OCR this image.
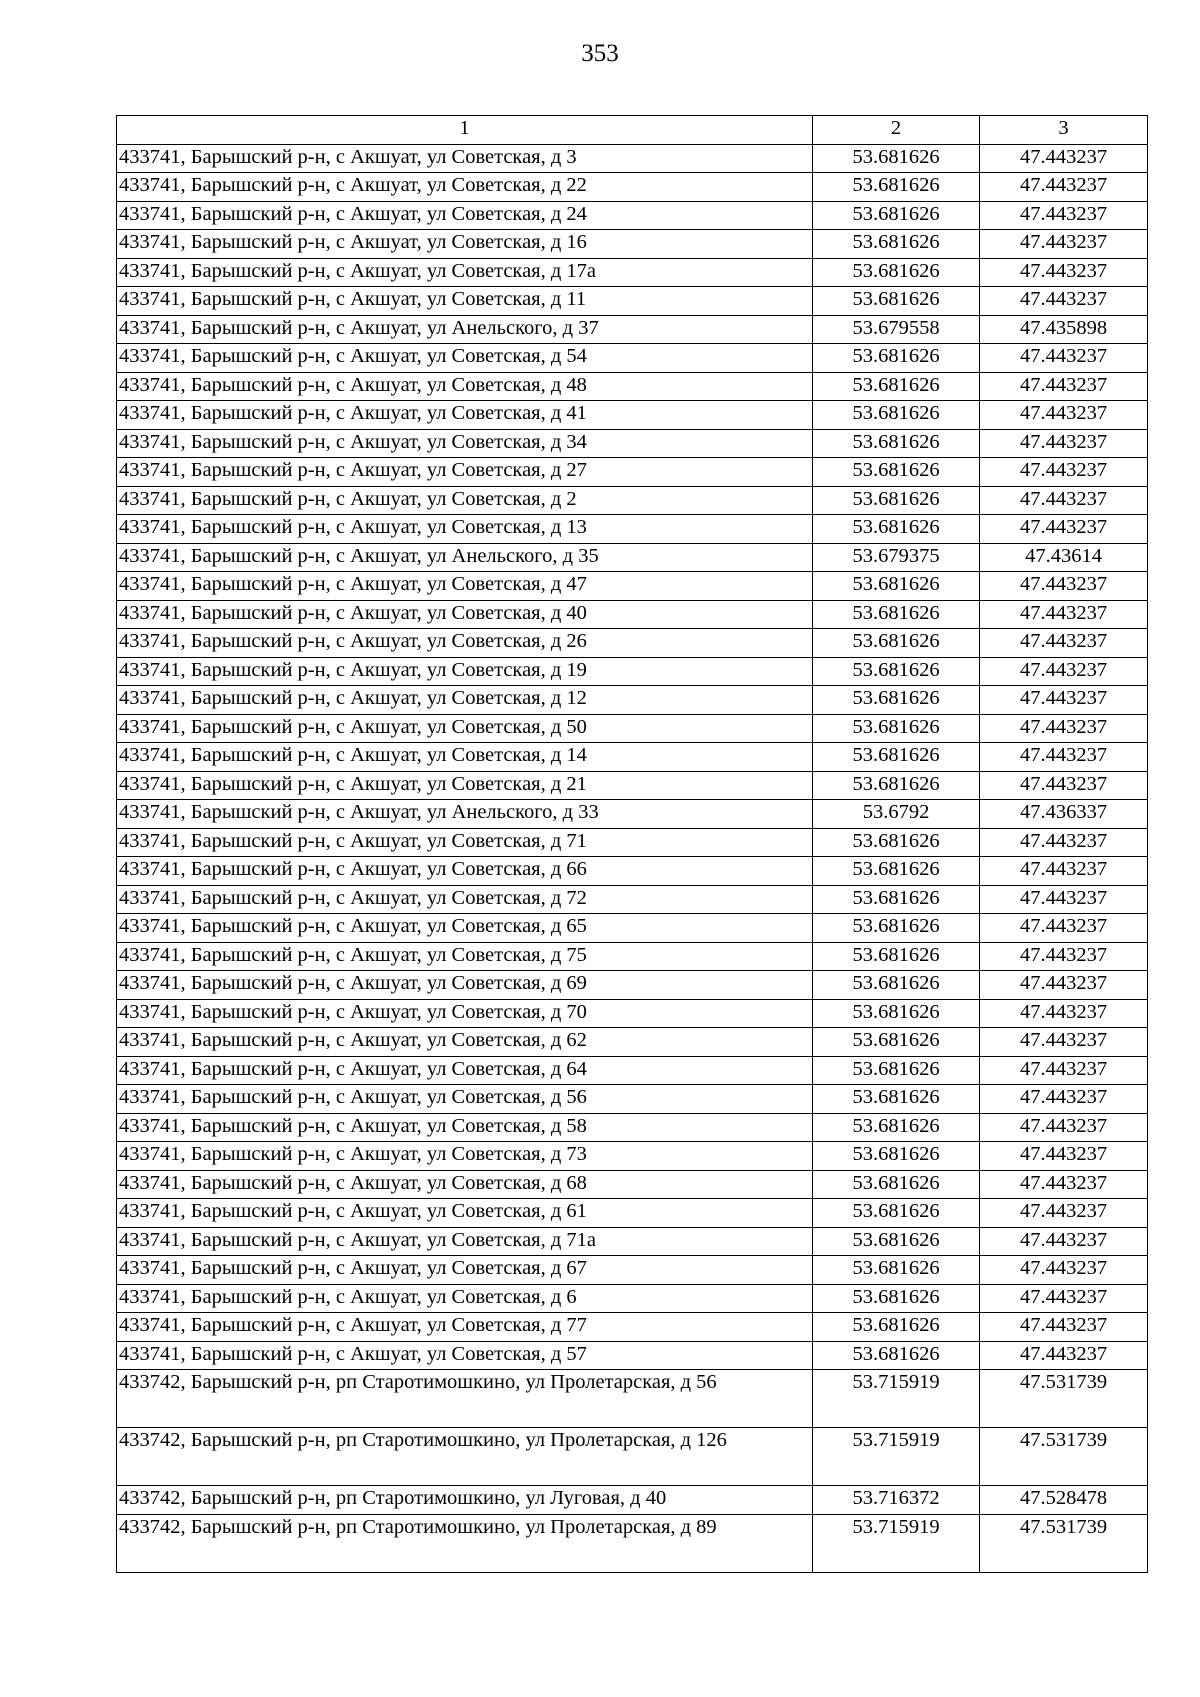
353
1	2	3
433741, Барышский р-н, с Акшуат, ул Советская, д 3	53.681626	47.443237
433741, Барышский р-н, с Акшуат, ул Советская, д 22	53.681626	47.443237
433741, Барышский р-н, с Акшуат, ул Советская, д 24	53.681626	47.443237
433741, Барышский р-н, с Акшуат, ул Советская, д 16	53.681626	47.443237
433741, Барышский р-н, с Акшуат, ул Советская, д 17а	53.681626	47.443237
433741, Барышский р-н, с Акшуат, ул Советская, д 11	53.681626	47.443237
433741, Барышский р-н, с Акшуат, ул Анельского, д 37	53.679558	47.435898
433741, Барышский р-н, с Акшуат, ул Советская, д 54	53.681626	47.443237
433741, Барышский р-н, с Акшуат, ул Советская, д 48	53.681626	47.443237
433741, Барышский р-н, с Акшуат, ул Советская, д 41	53.681626	47.443237
433741, Барышский р-н, с Акшуат, ул Советская, д 34	53.681626	47.443237
433741, Барышский р-н, с Акшуат, ул Советская, д 27	53.681626	47.443237
433741, Барышский р-н, с Акшуат, ул Советская, д 2	53.681626	47.443237
433741, Барышский р-н, с Акшуат, ул Советская, д 13	53.681626	47.443237
433741, Барышский р-н, с Акшуат, ул Анельского, д 35	53.679375	47.43614
433741, Барышский р-н, с Акшуат, ул Советская, д 47	53.681626	47.443237
433741, Барышский р-н, с Акшуат, ул Советская, д 40	53.681626	47.443237
433741, Барышский р-н, с Акшуат, ул Советская, д 26	53.681626	47.443237
433741, Барышский р-н, с Акшуат, ул Советская, д 19	53.681626	47.443237
433741, Барышский р-н, с Акшуат, ул Советская, д 12	53.681626	47.443237
433741, Барышский р-н, с Акшуат, ул Советская, д 50	53.681626	47.443237
433741, Барышский р-н, с Акшуат, ул Советская, д 14	53.681626	47.443237
433741, Барышский р-н, с Акшуат, ул Советская, д 21	53.681626	47.443237
433741, Барышский р-н, с Акшуат, ул Анельского, д 33	53.6792	47.436337
433741, Барышский р-н, с Акшуат, ул Советская, д 71	53.681626	47.443237
433741, Барышский р-н, с Акшуат, ул Советская, д 66	53.681626	47.443237
433741, Барышский р-н, с Акшуат, ул Советская, д 72	53.681626	47.443237
433741, Барышский р-н, с Акшуат, ул Советская, д 65	53.681626	47.443237
433741, Барышский р-н, с Акшуат, ул Советская, д 75	53.681626	47.443237
433741, Барышский р-н, с Акшуат, ул Советская, д 69	53.681626	47.443237
433741, Барышский р-н, с Акшуат, ул Советская, д 70	53.681626	47.443237
433741, Барышский р-н, с Акшуат, ул Советская, д 62	53.681626	47.443237
433741, Барышский р-н, с Акшуат, ул Советская, д 64	53.681626	47.443237
433741, Барышский р-н, с Акшуат, ул Советская, д 56	53.681626	47.443237
433741, Барышский р-н, с Акшуат, ул Советская, д 58	53.681626	47.443237
433741, Барышский р-н, с Акшуат, ул Советская, д 73	53.681626	47.443237
433741, Барышский р-н, с Акшуат, ул Советская, д 68	53.681626	47.443237
433741, Барышский р-н, с Акшуат, ул Советская, д 61	53.681626	47.443237
433741, Барышский р-н, с Акшуат, ул Советская, д 71а	53.681626	47.443237
433741, Барышский р-н, с Акшуат, ул Советская, д 67	53.681626	47.443237
433741, Барышский р-н, с Акшуат, ул Советская, д 6	53.681626	47.443237
433741, Барышский р-н, с Акшуат, ул Советская, д 77	53.681626	47.443237
433741, Барышский р-н, с Акшуат, ул Советская, д 57	53.681626	47.443237
433742, Барышский р-н, рп Старотимошкино, ул Пролетарская, д 56	53.715919	47.531739
433742, Барышский р-н, рп Старотимошкино, ул Пролетарская, д 126	53.715919	47.531739
433742, Барышский р-н, рп Старотимошкино, ул Луговая, д 40	53.716372	47.528478
433742, Барышский р-н, рп Старотимошкино, ул Пролетарская, д 89	53.715919	47.531739
